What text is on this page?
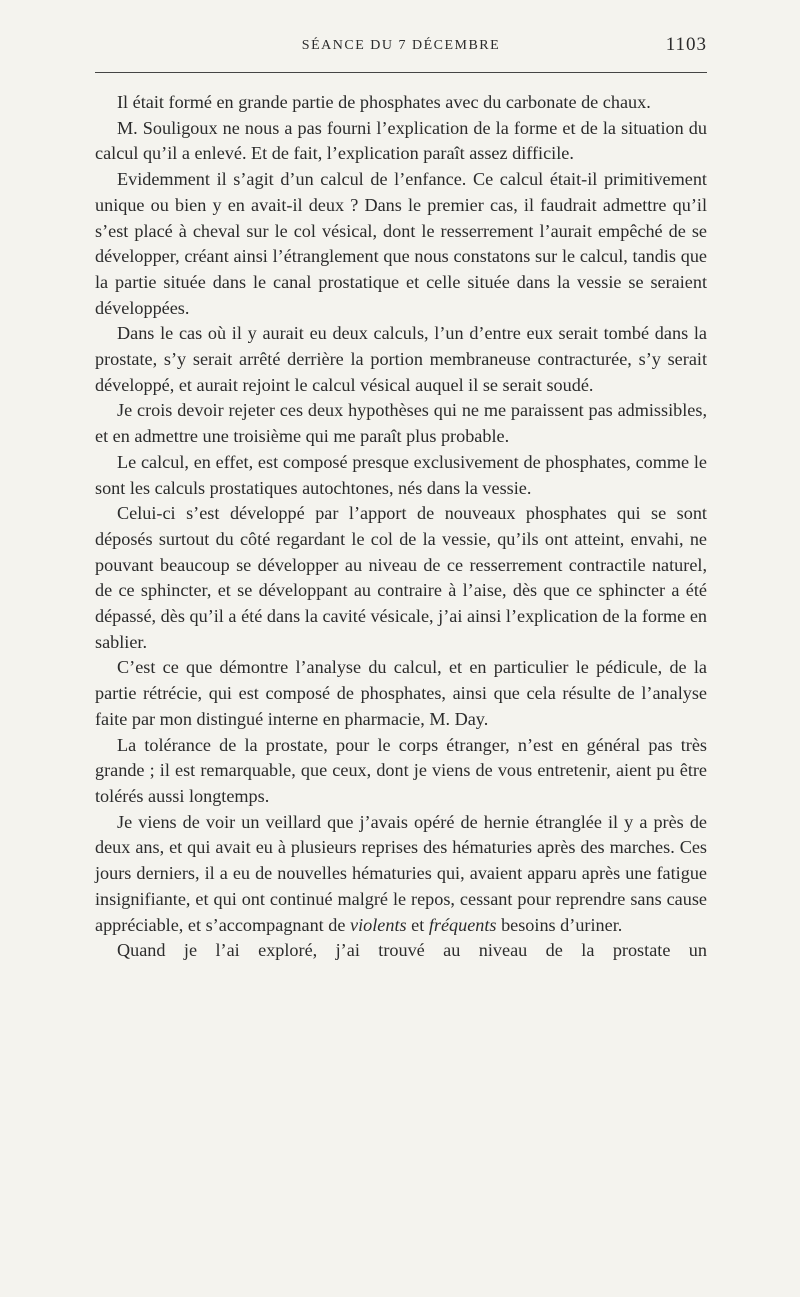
SÉANCE DU 7 DÉCEMBRE	1103

Il était formé en grande partie de phosphates avec du carbonate de chaux.

M. Souligoux ne nous a pas fourni l’explication de la forme et de la situation du calcul qu’il a enlevé. Et de fait, l’explication paraît assez difficile.

Evidemment il s’agit d’un calcul de l’enfance. Ce calcul était-il primitivement unique ou bien y en avait-il deux ? Dans le premier cas, il faudrait admettre qu’il s’est placé à cheval sur le col vésical, dont le resserrement l’aurait empêché de se développer, créant ainsi l’étranglement que nous constatons sur le calcul, tandis que la partie située dans le canal prostatique et celle située dans la vessie se seraient développées.

Dans le cas où il y aurait eu deux calculs, l’un d’entre eux serait tombé dans la prostate, s’y serait arrêté derrière la portion membraneuse contracturée, s’y serait développé, et aurait rejoint le calcul vésical auquel il se serait soudé.

Je crois devoir rejeter ces deux hypothèses qui ne me paraissent pas admissibles, et en admettre une troisième qui me paraît plus probable.

Le calcul, en effet, est composé presque exclusivement de phosphates, comme le sont les calculs prostatiques autochtones, nés dans la vessie.

Celui-ci s’est développé par l’apport de nouveaux phosphates qui se sont déposés surtout du côté regardant le col de la vessie, qu’ils ont atteint, envahi, ne pouvant beaucoup se développer au niveau de ce resserrement contractile naturel, de ce sphincter, et se développant au contraire à l’aise, dès que ce sphincter a été dépassé, dès qu’il a été dans la cavité vésicale, j’ai ainsi l’explication de la forme en sablier.

C’est ce que démontre l’analyse du calcul, et en particulier le pédicule, de la partie rétrécie, qui est composé de phosphates, ainsi que cela résulte de l’analyse faite par mon distingué interne en pharmacie, M. Day.

La tolérance de la prostate, pour le corps étranger, n’est en général pas très grande ; il est remarquable, que ceux, dont je viens de vous entretenir, aient pu être tolérés aussi longtemps.

Je viens de voir un veillard que j’avais opéré de hernie étranglée il y a près de deux ans, et qui avait eu à plusieurs reprises des hématuries après des marches. Ces jours derniers, il a eu de nouvelles hématuries qui, avaient apparu après une fatigue insignifiante, et qui ont continué malgré le repos, cessant pour reprendre sans cause appréciable, et s’accompagnant de violents et fréquents besoins d’uriner.

Quand je l’ai exploré, j’ai trouvé au niveau de la prostate un
